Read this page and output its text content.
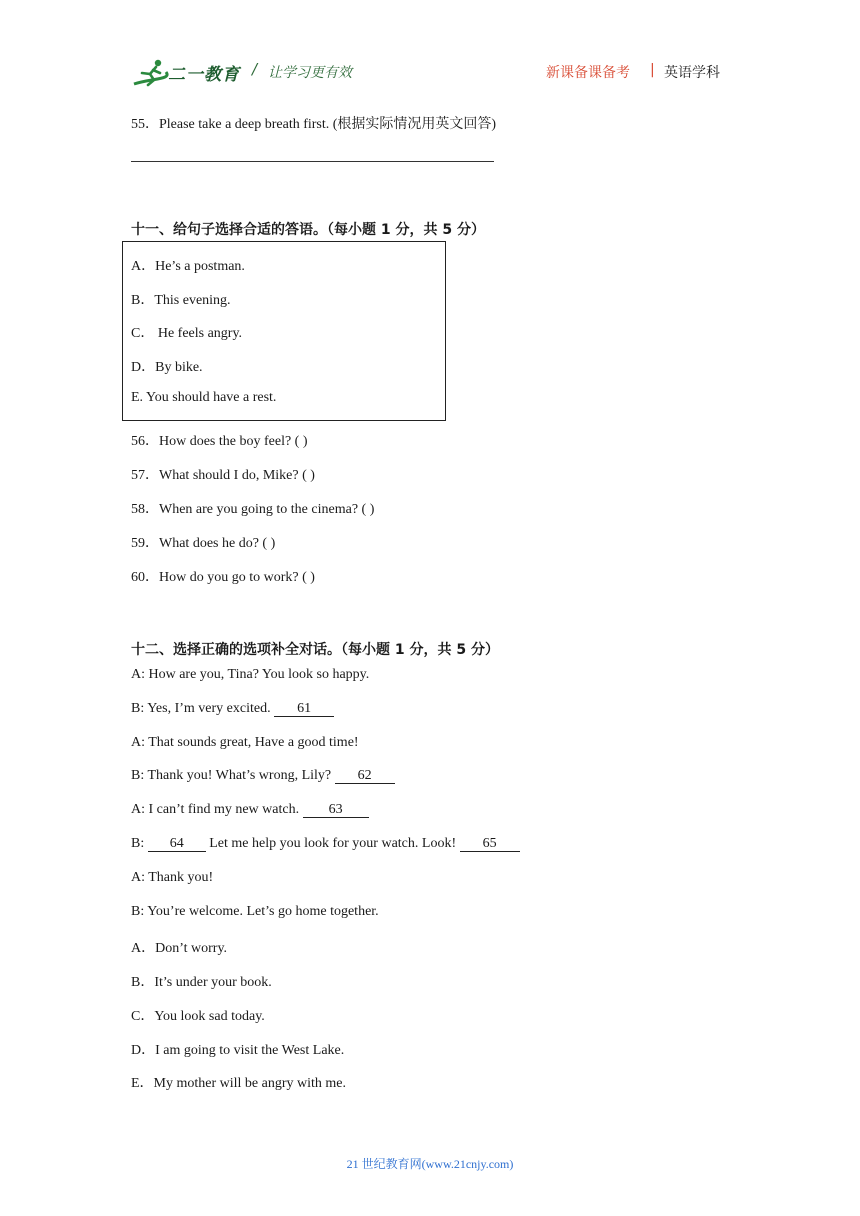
二一教育 / 让学习更有效	新课备课备考 | 英语学科
55．Please take a deep breath first. (根据实际情况用英文回答)
十一、给句子选择合适的答语。（每小题 1 分，共 5 分）
A．He’s a postman.
B．This evening.
C． He feels angry.
D．By bike.
E. You should have a rest.
56．How does the boy feel? ( )
57．What should I do, Mike? ( )
58．When are you going to the cinema? ( )
59．What does he do? ( )
60．How do you go to work? ( )
十二、选择正确的选项补全对话。（每小题 1 分，共 5 分）
A: How are you, Tina? You look so happy.
B: Yes, I’m very excited. 61
A: That sounds great, Have a good time!
B: Thank you! What’s wrong, Lily? 62
A: I can’t find my new watch. 63
B: 64 Let me help you look for your watch. Look! 65
A: Thank you!
B: You’re welcome. Let’s go home together.
A．Don’t worry.
B．It’s under your book.
C．You look sad today.
D．I am going to visit the West Lake.
E．My mother will be angry with me.
21 世纪教育网(www.21cnjy.com)
